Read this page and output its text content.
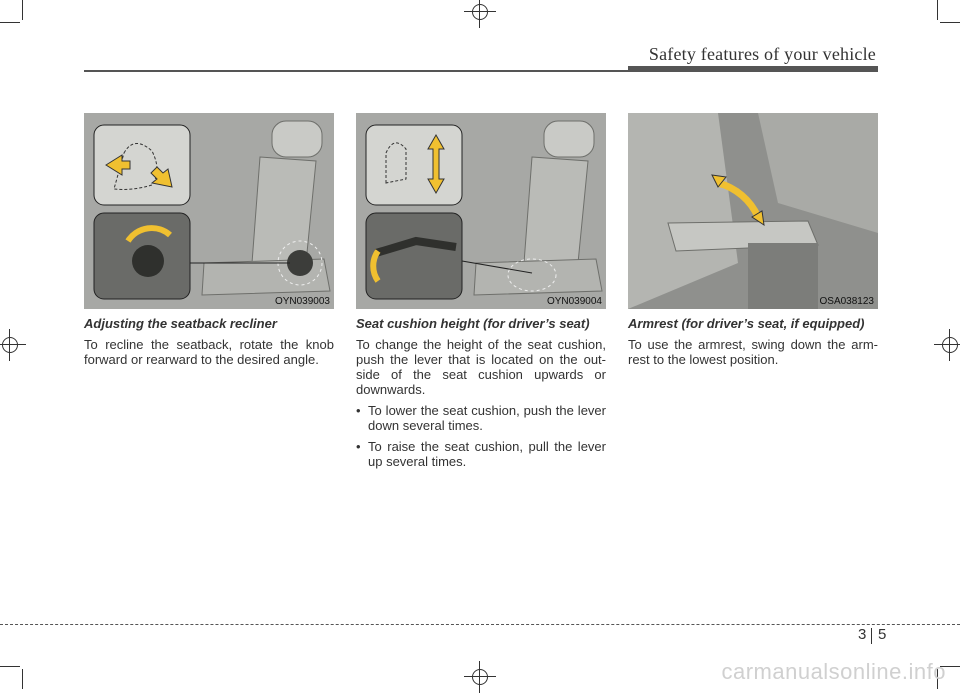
Safety features of your vehicle
OYN039003	OYN039004	OSA038123
Adjusting the seatback recliner

To recline the seatback, rotate the knob forward or rearward to the desired angle.

Seat cushion height (for driver’s seat)

To change the height of the seat cushion, push the lever that is located on the out-side of the seat cushion upwards or downwards.

• To lower the seat cushion, push the lever down several times.
• To raise the seat cushion, pull the lever up several times.
Armrest (for driver’s seat, if equipped)

To use the armrest, swing down the arm-rest to the lowest position.

3 5
carmanualsonline.info
